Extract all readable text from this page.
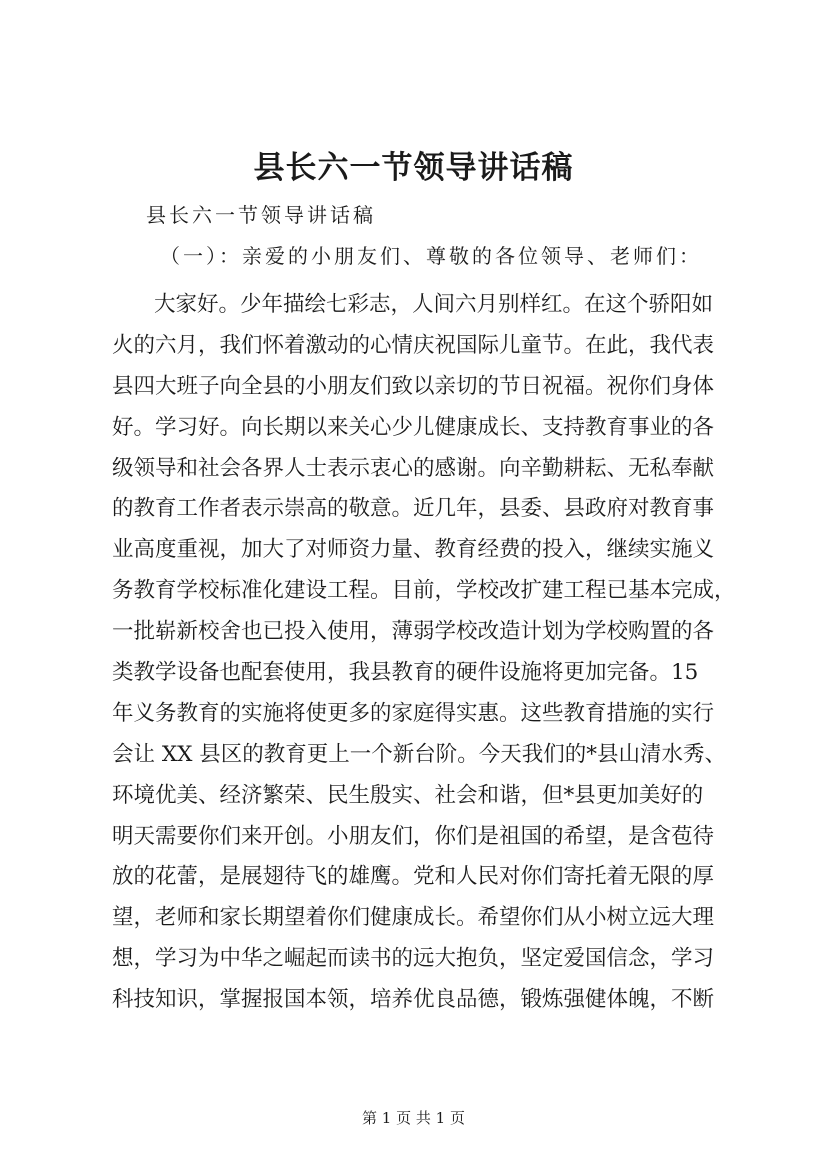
县长六一节领导讲话稿

县长六一节领导讲话稿

（一）：亲爱的小朋友们、尊敬的各位领导、老师们：

大家好。少年描绘七彩志，人间六月别样红。在这个骄阳如
火的六月，我们怀着激动的心情庆祝国际儿童节。在此，我代表
县四大班子向全县的小朋友们致以亲切的节日祝福。祝你们身体
好。学习好。向长期以来关心少儿健康成长、支持教育事业的各
级领导和社会各界人士表示衷心的感谢。向辛勤耕耘、无私奉献
的教育工作者表示崇高的敬意。近几年，县委、县政府对教育事
业高度重视，加大了对师资力量、教育经费的投入，继续实施义
务教育学校标准化建设工程。目前，学校改扩建工程已基本完成，
一批崭新校舍也已投入使用，薄弱学校改造计划为学校购置的各
类教学设备也配套使用，我县教育的硬件设施将更加完备。15
年义务教育的实施将使更多的家庭得实惠。这些教育措施的实行
会让 XX 县区的教育更上一个新台阶。今天我们的*县山清水秀、
环境优美、经济繁荣、民生殷实、社会和谐，但*县更加美好的
明天需要你们来开创。小朋友们，你们是祖国的希望，是含苞待
放的花蕾，是展翅待飞的雄鹰。党和人民对你们寄托着无限的厚
望，老师和家长期望着你们健康成长。希望你们从小树立远大理
想，学习为中华之崛起而读书的远大抱负，坚定爱国信念，学习
科技知识，掌握报国本领，培养优良品德，锻炼强健体魄，不断

第 1 页 共 1 页
